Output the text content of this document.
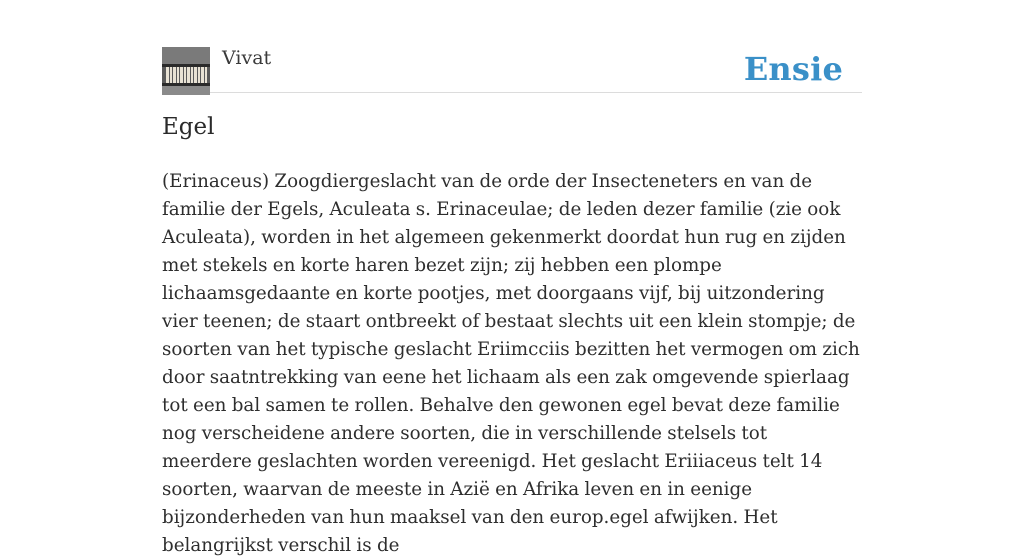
Vivat	Ensie
Egel

(Erinaceus) Zoogdiergeslacht van de orde der Insecteneters en van de familie der Egels, Aculeata s. Erinaceulae; de leden dezer familie (zie ook Aculeata), worden in het algemeen gekenmerkt doordat hun rug en zijden met stekels en korte haren bezet zijn; zij hebben een plompe lichaamsgedaante en korte pootjes, met doorgaans vijf, bij uitzondering vier teenen; de staart ontbreekt of bestaat slechts uit een klein stompje; de soorten van het typische geslacht Eriimcciis bezitten het vermogen om zich door saatntrekking van eene het lichaam als een zak omgevende spierlaag tot een bal samen te rollen. Behalve den gewonen egel bevat deze familie nog verscheidene andere soorten, die in verschillende stelsels tot meerdere geslachten worden vereenigd. Het geslacht Eriiiaceus telt 14 soorten, waarvan de meeste in Azië en Afrika leven en in eenige bijzonderheden van hun maaksel van den europ.egel afwijken. Het belangrijkst verschil is de
